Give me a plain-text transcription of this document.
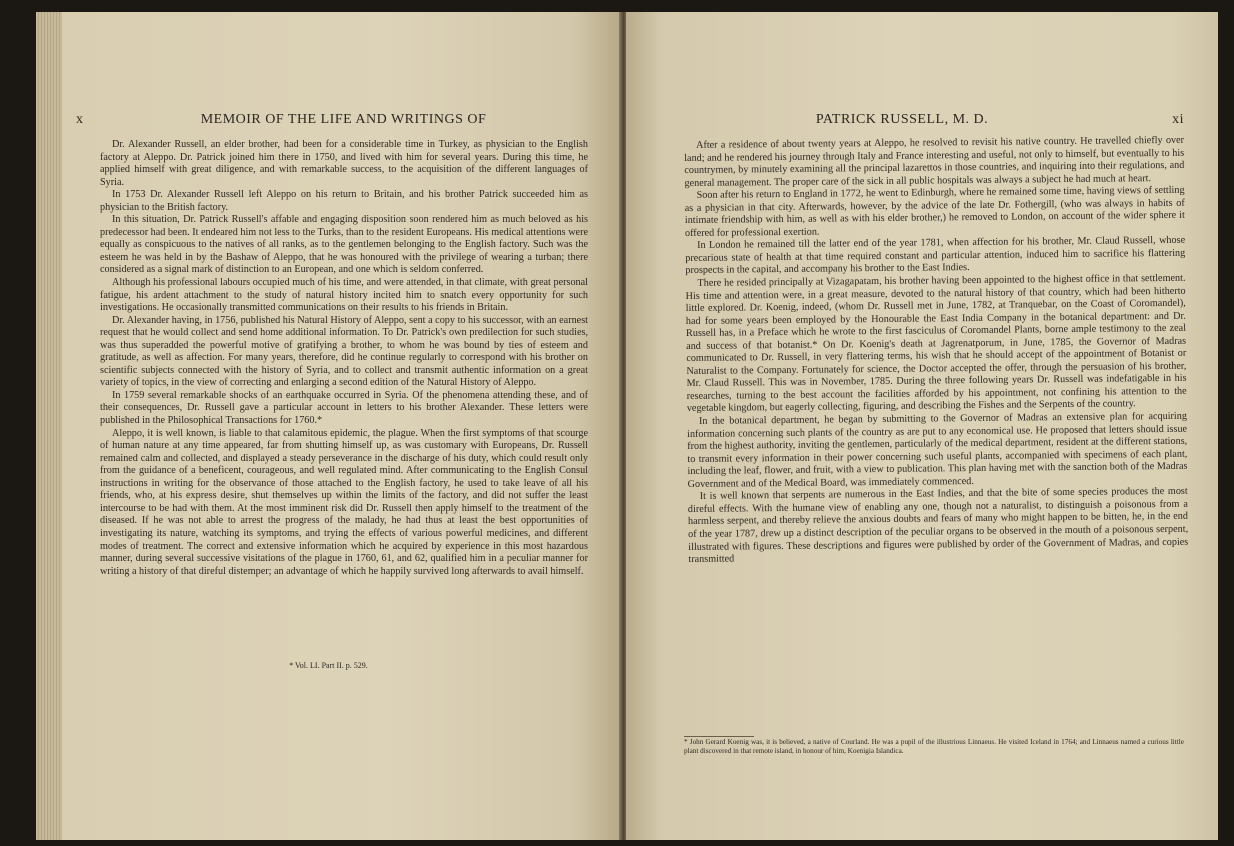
x	MEMOIR OF THE LIFE AND WRITINGS OF

Dr. Alexander Russell, an elder brother, had been for a considerable time in Turkey, as physician to the English factory at Aleppo. Dr. Patrick joined him there in 1750, and lived with him for several years. During this time, he applied himself with great diligence, and with remarkable success, to the acquisition of the different languages of Syria.

In 1753 Dr. Alexander Russell left Aleppo on his return to Britain, and his brother Patrick succeeded him as physician to the British factory.

In this situation, Dr. Patrick Russell's affable and engaging disposition soon rendered him as much beloved as his predecessor had been. It endeared him not less to the Turks, than to the resident Europeans. His medical attentions were equally as conspicuous to the natives of all ranks, as to the gentlemen belonging to the English factory. Such was the esteem he was held in by the Bashaw of Aleppo, that he was honoured with the privilege of wearing a turban; there considered as a signal mark of distinction to an European, and one which is seldom conferred.

Although his professional labours occupied much of his time, and were attended, in that climate, with great personal fatigue, his ardent attachment to the study of natural history incited him to snatch every opportunity for such investigations. He occasionally transmitted communications on their results to his friends in Britain.

Dr. Alexander having, in 1756, published his Natural History of Aleppo, sent a copy to his successor, with an earnest request that he would collect and send home additional information. To Dr. Patrick's own predilection for such studies, was thus superadded the powerful motive of gratifying a brother, to whom he was bound by ties of esteem and gratitude, as well as affection. For many years, therefore, did he continue regularly to correspond with his brother on scientific subjects connected with the history of Syria, and to collect and transmit authentic information on a great variety of topics, in the view of correcting and enlarging a second edition of the Natural History of Aleppo.

In 1759 several remarkable shocks of an earthquake occurred in Syria. Of the phenomena attending these, and of their consequences, Dr. Russell gave a particular account in letters to his brother Alexander. These letters were published in the Philosophical Transactions for 1760.*

Aleppo, it is well known, is liable to that calamitous epidemic, the plague. When the first symptoms of that scourge of human nature at any time appeared, far from shutting himself up, as was customary with Europeans, Dr. Russell remained calm and collected, and displayed a steady perseverance in the discharge of his duty, which could result only from the guidance of a beneficent, courageous, and well regulated mind. After communicating to the English Consul instructions in writing for the observance of those attached to the English factory, he used to take leave of all his friends, who, at his express desire, shut themselves up within the limits of the factory, and did not suffer the least intercourse to be had with them. At the most imminent risk did Dr. Russell then apply himself to the treatment of the diseased. If he was not able to arrest the progress of the malady, he had thus at least the best opportunities of investigating its nature, watching its symptoms, and trying the effects of various powerful medicines, and different modes of treatment. The correct and extensive information which he acquired by experience in this most hazardous manner, during several successive visitations of the plague in 1760, 61, and 62, qualified him in a peculiar manner for writing a history of that direful distemper; an advantage of which he happily survived long afterwards to avail himself.

* Vol. LI. Part II. p. 529.
PATRICK RUSSELL, M. D.	xi

After a residence of about twenty years at Aleppo, he resolved to revisit his native country. He travelled chiefly over land; and he rendered his journey through Italy and France interesting and useful, not only to himself, but eventually to his countrymen, by minutely examining all the principal lazarettos in those countries, and inquiring into their regulations, and general management. The proper care of the sick in all public hospitals was always a subject he had much at heart.

Soon after his return to England in 1772, he went to Edinburgh, where he remained some time, having views of settling as a physician in that city. Afterwards, however, by the advice of the late Dr. Fothergill, (who was always in habits of intimate friendship with him, as well as with his elder brother,) he removed to London, on account of the wider sphere it offered for professional exertion.

In London he remained till the latter end of the year 1781, when affection for his brother, Mr. Claud Russell, whose precarious state of health at that time required constant and particular attention, induced him to sacrifice his flattering prospects in the capital, and accompany his brother to the East Indies.

There he resided principally at Vizagapatam, his brother having been appointed to the highest office in that settlement. His time and attention were, in a great measure, devoted to the natural history of that country, which had been hitherto little explored. Dr. Koenig, indeed, (whom Dr. Russell met in June, 1782, at Tranquebar, on the Coast of Coromandel), had for some years been employed by the Honourable the East India Company in the botanical department: and Dr. Russell has, in a Preface which he wrote to the first fasciculus of Coromandel Plants, borne ample testimony to the zeal and success of that botanist.* On Dr. Koenig's death at Jagrenatporum, in June, 1785, the Governor of Madras communicated to Dr. Russell, in very flattering terms, his wish that he should accept of the appointment of Botanist or Naturalist to the Company. Fortunately for science, the Doctor accepted the offer, through the persuasion of his brother, Mr. Claud Russell. This was in November, 1785. During the three following years Dr. Russell was indefatigable in his researches, turning to the best account the facilities afforded by his appointment, not confining his attention to the vegetable kingdom, but eagerly collecting, figuring, and describing the Fishes and the Serpents of the country.

In the botanical department, he began by submitting to the Governor of Madras an extensive plan for acquiring information concerning such plants of the country as are put to any economical use. He proposed that letters should issue from the highest authority, inviting the gentlemen, particularly of the medical department, resident at the different stations, to transmit every information in their power concerning such useful plants, accompanied with specimens of each plant, including the leaf, flower, and fruit, with a view to publication. This plan having met with the sanction both of the Madras Government and of the Medical Board, was immediately commenced.

It is well known that serpents are numerous in the East Indies, and that the bite of some species produces the most direful effects. With the humane view of enabling any one, though not a naturalist, to distinguish a poisonous from a harmless serpent, and thereby relieve the anxious doubts and fears of many who might happen to be bitten, he, in the end of the year 1787, drew up a distinct description of the peculiar organs to be observed in the mouth of a poisonous serpent, illustrated with figures. These descriptions and figures were published by order of the Government of Madras, and copies transmitted

* John Gerard Koenig was, it is believed, a native of Courland. He was a pupil of the illustrious Linnaeus. He visited Iceland in 1764; and Linnaeus named a curious little plant discovered in that remote island, in honour of him, Koenigia Islandica.
